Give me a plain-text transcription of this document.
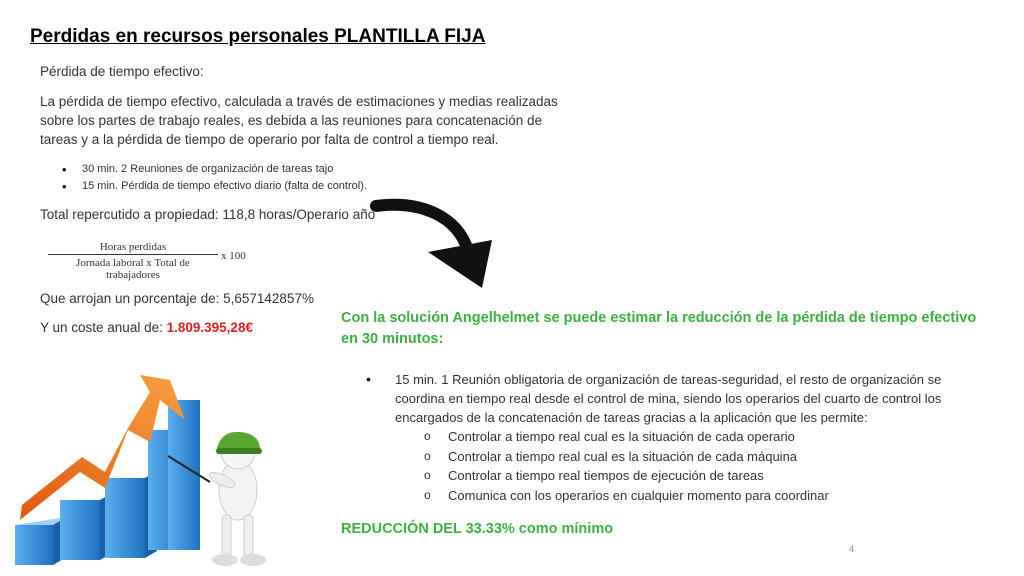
Perdidas en recursos personales PLANTILLA FIJA
Pérdida de tiempo efectivo:
La pérdida de tiempo efectivo, calculada a través de estimaciones y medias realizadas sobre los partes de trabajo reales, es debida a las reuniones para concatenación de tareas y a la pérdida de tiempo de operario por falta de control a tiempo real.
• 30 min. 2 Reuniones de organización de tareas tajo
• 15 min. Pérdida de tiempo efectivo diario (falta de control).
Total repercutido a propiedad: 118,8 horas/Operario año
Horas perdidas
Jornada laboral x Total de trabajadores
x 100
Que arrojan un porcentaje de: 5,657142857%
Y un coste anual de: 1.809.395,28€
Con la solución Angelhelmet se puede estimar la reducción de la pérdida de tiempo efectivo en 30 minutos:
• 15 min. 1 Reunión obligatoria de organización de tareas-seguridad, el resto de organización se coordina en tiempo real desde el control de mina, siendo los operarios del cuarto de control los encargados de la concatenación de tareas gracias a la aplicación que les permite:
o Controlar a tiempo real cual es la situación de cada operario
o Controlar a tiempo real cual es la situación de cada máquina
o Controlar a tiempo real tiempos de ejecución de tareas
o Comunica con los operarios en cualquier momento para coordinar
REDUCCIÓN DEL 33.33% como mínimo
4
